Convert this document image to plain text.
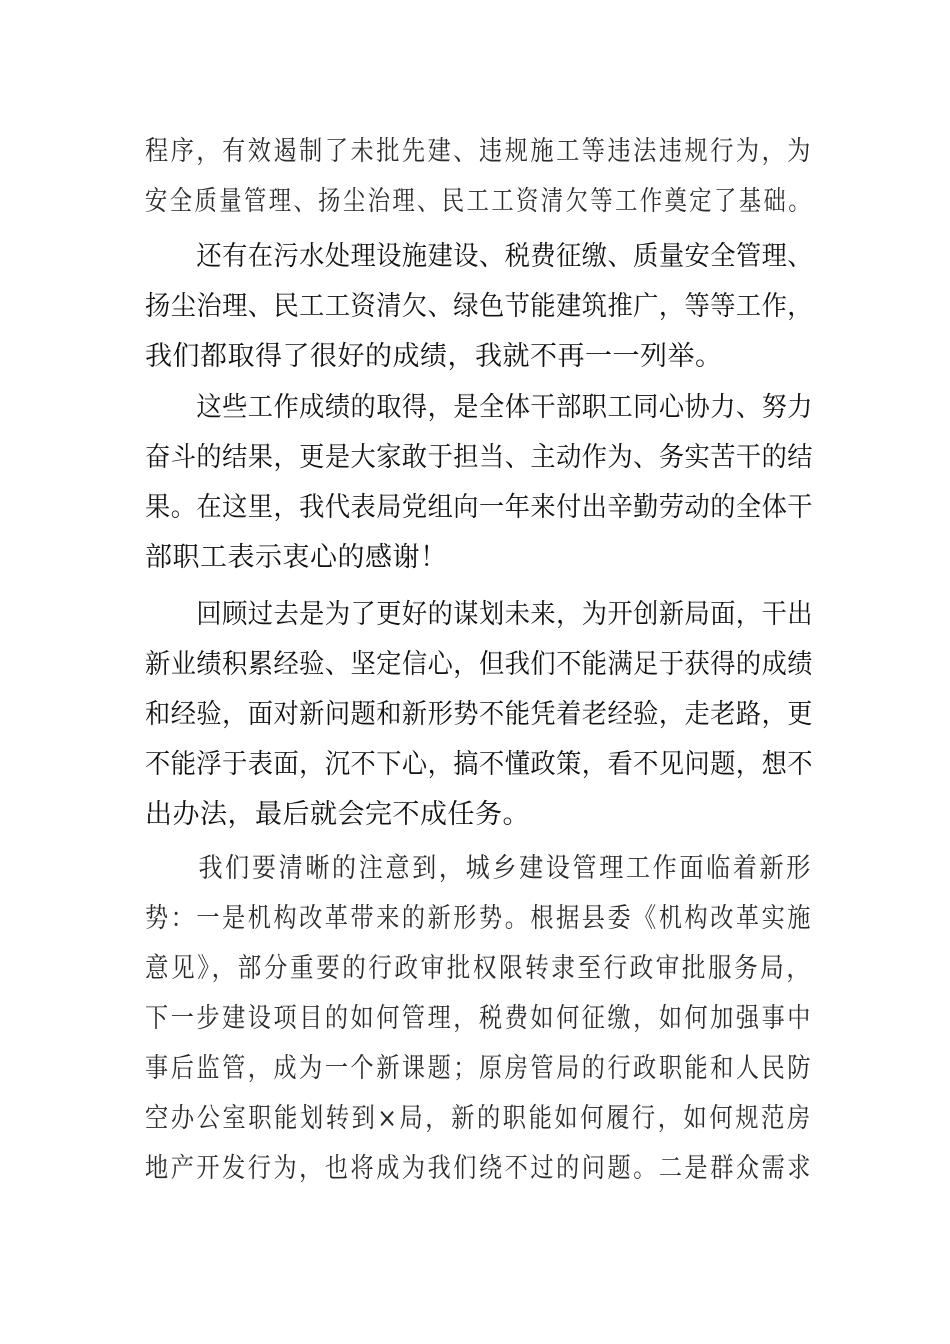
程序，有效遏制了未批先建、违规施工等违法违规行为，为
安全质量管理、扬尘治理、民工工资清欠等工作奠定了基础。
　　还有在污水处理设施建设、税费征缴、质量安全管理、
扬尘治理、民工工资清欠、绿色节能建筑推广，等等工作，
我们都取得了很好的成绩，我就不再一一列举。
　　这些工作成绩的取得，是全体干部职工同心协力、努力
奋斗的结果，更是大家敢于担当、主动作为、务实苦干的结
果。在这里，我代表局党组向一年来付出辛勤劳动的全体干
部职工表示衷心的感谢！
　　回顾过去是为了更好的谋划未来，为开创新局面，干出
新业绩积累经验、坚定信心，但我们不能满足于获得的成绩
和经验，面对新问题和新形势不能凭着老经验，走老路，更
不能浮于表面，沉不下心，搞不懂政策，看不见问题，想不
出办法，最后就会完不成任务。
　　我们要清晰的注意到，城乡建设管理工作面临着新形
势：一是机构改革带来的新形势。根据县委《机构改革实施
意见》，部分重要的行政审批权限转隶至行政审批服务局，
下一步建设项目的如何管理，税费如何征缴，如何加强事中
事后监管，成为一个新课题；原房管局的行政职能和人民防
空办公室职能划转到×局，新的职能如何履行，如何规范房
地产开发行为，也将成为我们绕不过的问题。二是群众需求
